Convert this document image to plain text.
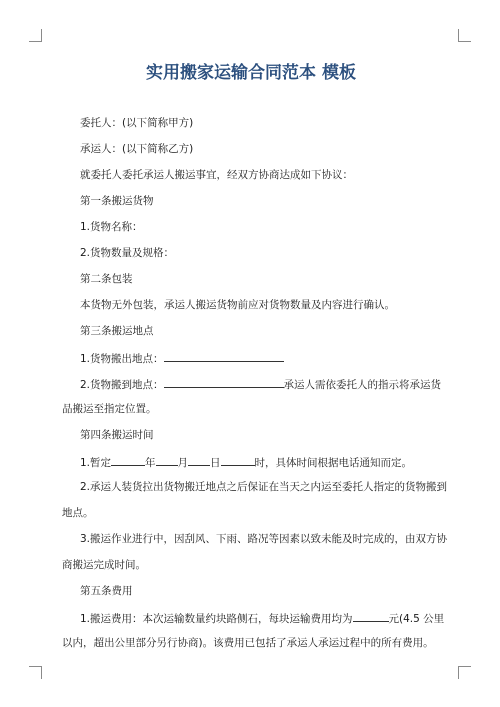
实用搬家运输合同范本 模板
委托人：(以下简称甲方)
承运人：(以下简称乙方)
就委托人委托承运人搬运事宜，经双方协商达成如下协议：
第一条搬运货物
1.货物名称：
2.货物数量及规格：
第二条包装
本货物无外包装，承运人搬运货物前应对货物数量及内容进行确认。
第三条搬运地点
1.货物搬出地点：
2.货物搬到地点：	承运人需依委托人的指示将承运货
品搬运至指定位置。
第四条搬运时间
1.暂定	年 月 日	时，具体时间根据电话通知而定。
2.承运人装货拉出货物搬迁地点之后保证在当天之内运至委托人指定的货物搬到
地点。
3.搬运作业进行中，因刮风、下雨、路况等因素以致未能及时完成的，由双方协
商搬运完成时间。
第五条费用
1.搬运费用：本次运输数量约块路侧石，每块运输费用均为	元(4.5 公里
以内，超出公里部分另行协商)。该费用已包括了承运人承运过程中的所有费用。
